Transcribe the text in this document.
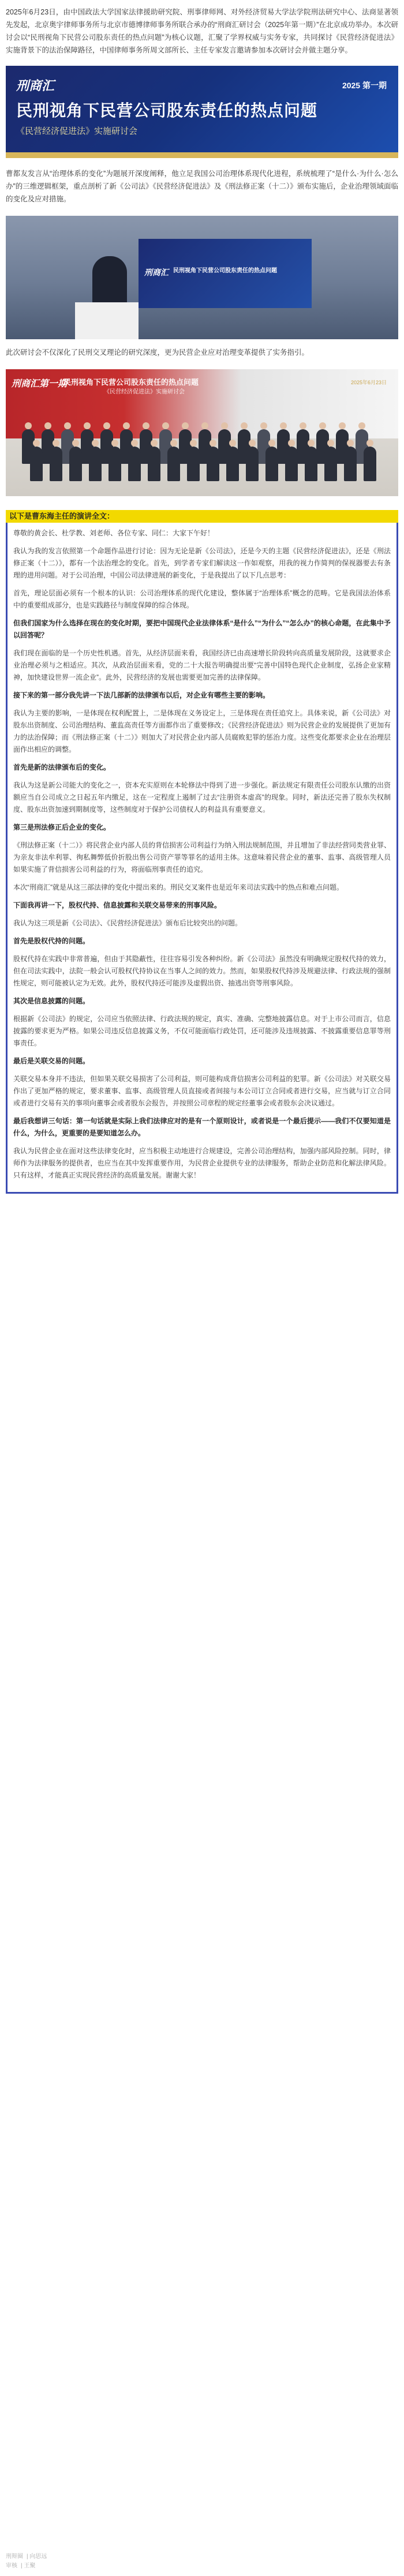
2025年6月23日，由中国政法大学国家法律援助研究院、刑事律师网、对外经济贸易大学法学院刑法研究中心、法商显著领先发起，北京奥宇律师事务所与北京市德博律师事务所联合承办的“刑商汇研讨会（2025年第一期）”在北京成功举办。本次研讨会以“民刑视角下民营公司股东责任的热点问题”为核心议题，汇聚了学界权威与实务专家，共同探讨《民营经济促进法》实施背景下的法治保障路径，中国律师事务所周文部所长、主任专家发言邀请参加本次研讨会并做主题分享。

刑商汇	2025 第一期
民刑视角下民营公司股东责任的热点问题
《民营经济促进法》实施研讨会

曹都友发言从“治理体系的变化”为题展开深度阐释，他立足我国公司治理体系现代化进程，系统梳理了“是什么·为什么·怎么办”的三维逻辑框架，重点剖析了新《公司法》《民营经济促进法》及《刑法修正案（十二）》颁布实施后，企业治理领域面临的变化及应对措施。

刑商汇 民刑视角下民营公司股东责任的热点问题

此次研讨会不仅深化了民刑交叉理论的研究深度，更为民营企业应对治理变革提供了实务指引。

刑商汇第一期
民刑视角下民营公司股东责任的热点问题
《民营经济促进法》实施研讨会
2025年6月23日
以下是曹东海主任的演讲全文：

尊敬的黄会长、杜学教、刘老师、各位专家、同仁：大家下午好！

我认为我的发言依照第一个命题作品进行讨论：因为无论是新《公司法》，还是今天的主题《民营经济促进法》，还是《刑法修正案（十二）》，都有一个法治理念的变化。首先，到学者专家们解读这一作如观察，用我的视力作简判的保视器要去有条理的进用问题。对于公司治理，中国公司法律进展的新变化，于是我提出了以下几点思考：

首先，理论层面必须有一个根本的认识：公司治理体系的现代化建设，整体属于“治理体系”概念的范畴。它是我国法治体系中的重要组成部分，也是实践路径与制度保障的综合体现。

但我们国家为什么选择在现在的变化时期，要把中国现代企业法律体系“是什么”“为什么”“怎么办”的核心命题，在此集中予以回答呢？

我们现在面临的是一个历史性机遇。首先，从经济层面来看，我国经济已由高速增长阶段转向高质量发展阶段，这就要求企业治理必须与之相适应。其次，从政治层面来看，党的二十大报告明确提出要“完善中国特色现代企业制度，弘扬企业家精神，加快建设世界一流企业”。此外，民营经济的发展也需要更加完善的法律保障。

接下来的第一部分我先讲一下法几部新的法律颁布以后，对企业有哪些主要的影响。

我认为主要的影响，一是体现在权利配置上，二是体现在义务设定上，三是体现在责任追究上。具体来说，新《公司法》对股东出资制度、公司治理结构、董监高责任等方面都作出了重要修改；《民营经济促进法》则为民营企业的发展提供了更加有力的法治保障；而《刑法修正案（十二）》则加大了对民营企业内部人员腐败犯罪的惩治力度。这些变化都要求企业在治理层面作出相应的调整。

首先是新的法律颁布后的变化。

我认为这是新公司能大的变化之一，资本充实原则在本轮修法中得到了进一步强化。新法规定有限责任公司股东认缴的出资额应当自公司成立之日起五年内缴足，这在一定程度上遏制了过去“注册资本虚高”的现象。同时，新法还完善了股东失权制度、股东出资加速到期制度等，这些制度对于保护公司债权人的利益具有重要意义。

第三是刑法修正后企业的变化。

《刑法修正案（十二）》将民营企业内部人员的背信损害公司利益行为纳入刑法规制范围，并且增加了非法经营同类营业罪、为亲友非法牟利罪、徇私舞弊低价折股出售公司资产罪等罪名的适用主体。这意味着民营企业的董事、监事、高级管理人员如果实施了背信损害公司利益的行为，将面临刑事责任的追究。

本次“刑商汇”就是从这三部法律的变化中提出来的。刑民交叉案件也是近年来司法实践中的热点和难点问题。

下面我再讲一下，股权代持、信息披露和关联交易带来的刑事风险。

我认为这三项是新《公司法》、《民营经济促进法》颁布后比较突出的问题。

首先是股权代持的问题。

股权代持在实践中非常普遍，但由于其隐蔽性，往往容易引发各种纠纷。新《公司法》虽然没有明确规定股权代持的效力，但在司法实践中，法院一般会认可股权代持协议在当事人之间的效力。然而，如果股权代持涉及规避法律、行政法规的强制性规定，则可能被认定为无效。此外，股权代持还可能涉及虚假出资、抽逃出资等刑事风险。

其次是信息披露的问题。

根据新《公司法》的规定，公司应当依照法律、行政法规的规定，真实、准确、完整地披露信息。对于上市公司而言，信息披露的要求更为严格。如果公司违反信息披露义务，不仅可能面临行政处罚，还可能涉及违规披露、不披露重要信息罪等刑事责任。

最后是关联交易的问题。

关联交易本身并不违法，但如果关联交易损害了公司利益，则可能构成背信损害公司利益的犯罪。新《公司法》对关联交易作出了更加严格的规定，要求董事、监事、高级管理人员直接或者间接与本公司订立合同或者进行交易，应当就与订立合同或者进行交易有关的事项向董事会或者股东会报告，并按照公司章程的规定经董事会或者股东会决议通过。

最后我想讲三句话：第一句话就是实际上我们法律应对的是有一个原则设计，或者说是一个最后提示——我们不仅要知道是什么，为什么，更重要的是要知道怎么办。

我认为民营企业在面对这些法律变化时，应当积极主动地进行合规建设，完善公司治理结构，加强内部风险控制。同时，律师作为法律服务的提供者，也应当在其中发挥重要作用，为民营企业提供专业的法律服务，帮助企业防范和化解法律风险。只有这样，才能真正实现民营经济的高质量发展。谢谢大家！

刑辩圈 | 向思远
审核 | 王聚
